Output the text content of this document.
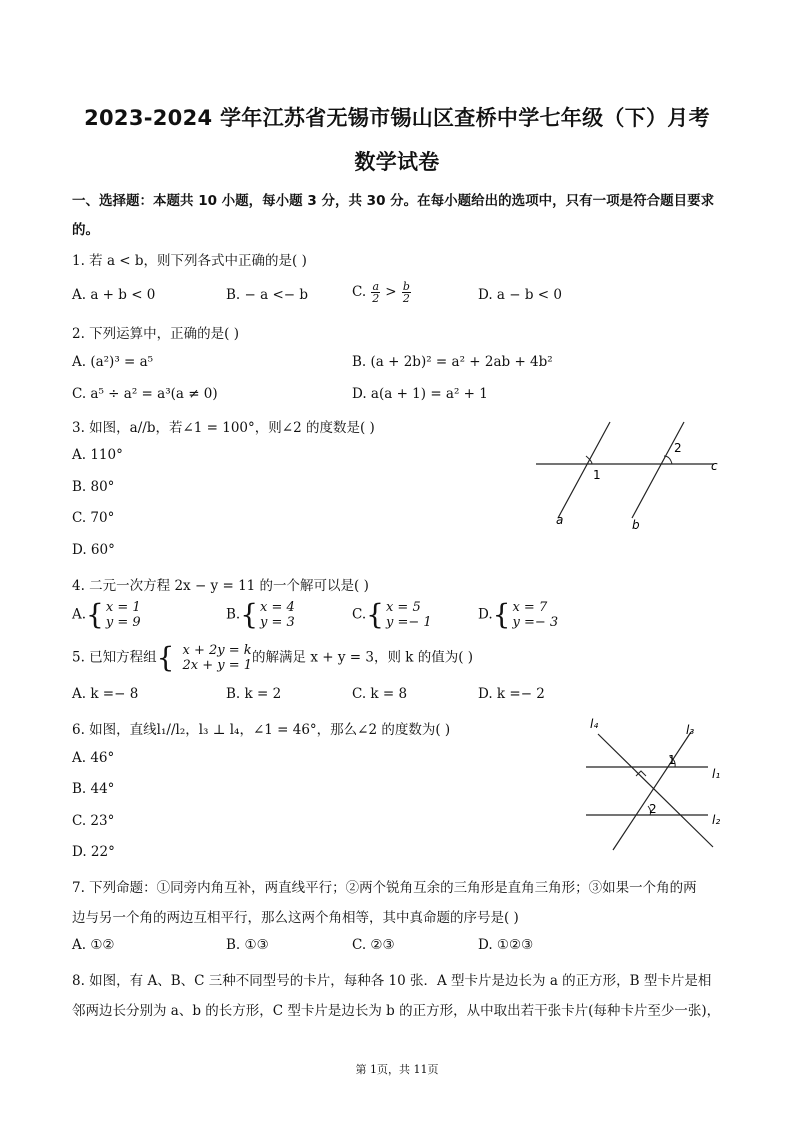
2023-2024 学年江苏省无锡市锡山区查桥中学七年级（下）月考
数学试卷
一、选择题：本题共 10 小题，每小题 3 分，共 30 分。在每小题给出的选项中，只有一项是符合题目要求
的。
1. 若 a < b，则下列各式中正确的是( )
A. a + b < 0	B. − a <− b	C. $\frac{a}{2} > \frac{b}{2}$	D. a − b < 0
2. 下列运算中，正确的是( )
A. (a²)³ = a⁵	B. (a + 2b)² = a² + 2ab + 4b²
C. a⁵ ÷ a² = a³(a ≠ 0)	D. a(a + 1) = a² + 1
3. 如图，a//b，若∠1 = 100°，则∠2 的度数是( )
A. 110°
B. 80°
C. 70°
D. 60°
1
2
a	b
c
4. 二元一次方程 2x − y = 11 的一个解可以是( )
A. { x = 1
y = 9	B. { x = 4
y = 3	C. { x = 5
y =− 1	D. { x = 7
y =− 3
5. 已知方程组 { x + 2y = k
2x + y = 1 的解满足 x + y = 3，则 k 的值为( )
A. k =− 8	B. k = 2	C. k = 8	D. k =− 2
6. 如图，直线l₁//l₂，l₃ ⊥ l₄，∠1 = 46°，那么∠2 的度数为( )
A. 46°
B. 44°
C. 23°
D. 22°
l₄	l₃
l₁
l₂
1
2
7. 下列命题：①同旁内角互补，两直线平行；②两个锐角互余的三角形是直角三角形；③如果一个角的两
边与另一个角的两边互相平行，那么这两个角相等，其中真命题的序号是( )
A. ①②	B. ①③	C. ②③	D. ①②③
8. 如图，有 A、B、C 三种不同型号的卡片，每种各 10 张．A 型卡片是边长为 a 的正方形，B 型卡片是相
邻两边长分别为 a、b 的长方形，C 型卡片是边长为 b 的正方形，从中取出若干张卡片(每种卡片至少一张)，
第 1页，共 11页
